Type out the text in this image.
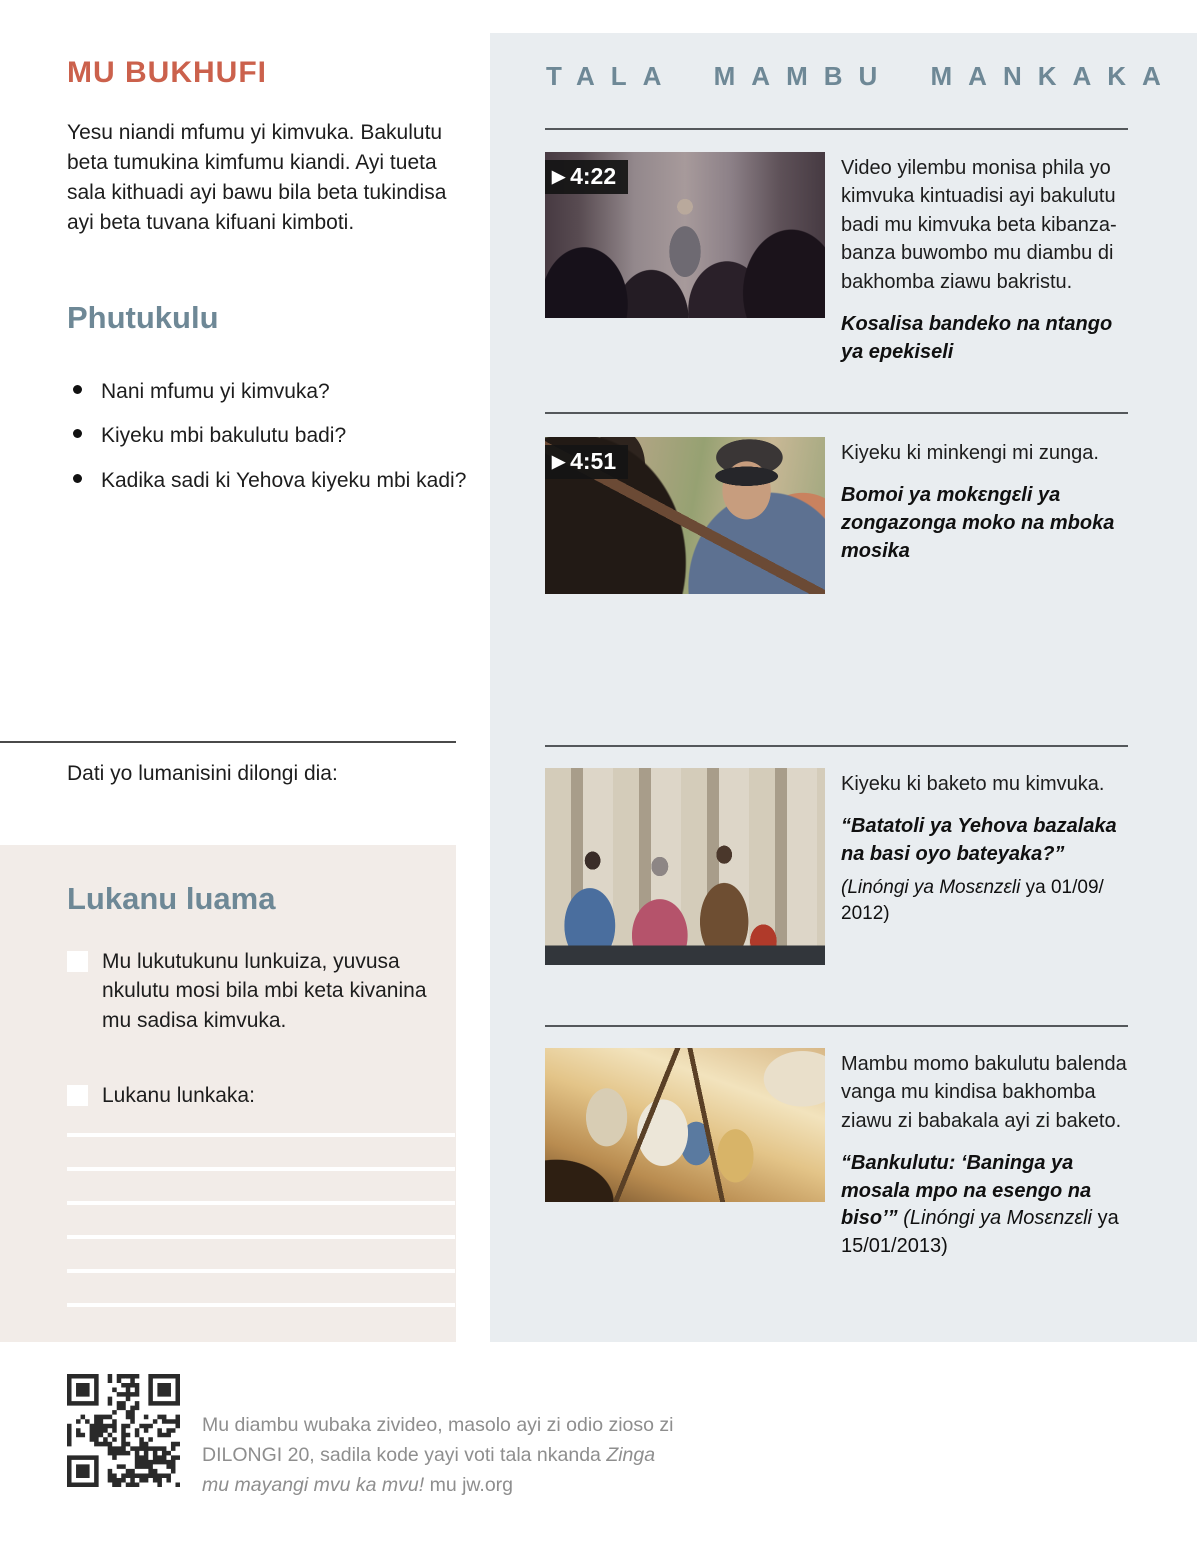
MU BUKHUFI

Yesu niandi mfumu yi kimvuka. Bakulutu beta tumukina kimfumu kiandi. Ayi tueta sala kithuadi ayi bawu bila beta tukindisa ayi beta tuvana kifuani kimboti.

Phutukulu
Nani mfumu yi kimvuka?
Kiyeku mbi bakulutu badi?
Kadika sadi ki Yehova kiyeku mbi kadi?

Dati yo lumanisini dilongi dia:

Lukanu luama
Mu lukutukunu lunkuiza, yuvusa nkulutu mosi bila mbi keta kivanina mu sadisa kimvuka.
Lukanu lunkaka:
TALA MAMBU MANKAKA
▶ 4:22	Video yilembu monisa phila yo kimvuka kintuadisi ayi bakulutu badi mu kimvuka beta kibanza-banza buwombo mu diambu di bakhomba ziawu bakristu.

Kosalisa bandeko na ntango ya epekiseli

▶ 4:51	Kiyeku ki minkengi mi zunga.

Bomoi ya mokɛngɛli ya zongazonga moko na mboka mosika

Kiyeku ki baketo mu kimvuka.

“Batatoli ya Yehova bazalaka na basi oyo bateyaka?”

(Linóngi ya Mosɛnzɛli ya 01/09/ 2012)

Mambu momo bakulutu balenda vanga mu kindisa bakhomba ziawu zi babakala ayi zi baketo.

“Bankulutu: ‘Baninga ya mosala mpo na esengo na biso’” (Linóngi ya Mosɛnzɛli ya 15/01/2013)

Mu diambu wubaka zivideo, masolo ayi zi odio zioso zi DILONGI 20, sadila kode yayi voti tala nkanda Zinga mu mayangi mvu ka mvu! mu jw.org
